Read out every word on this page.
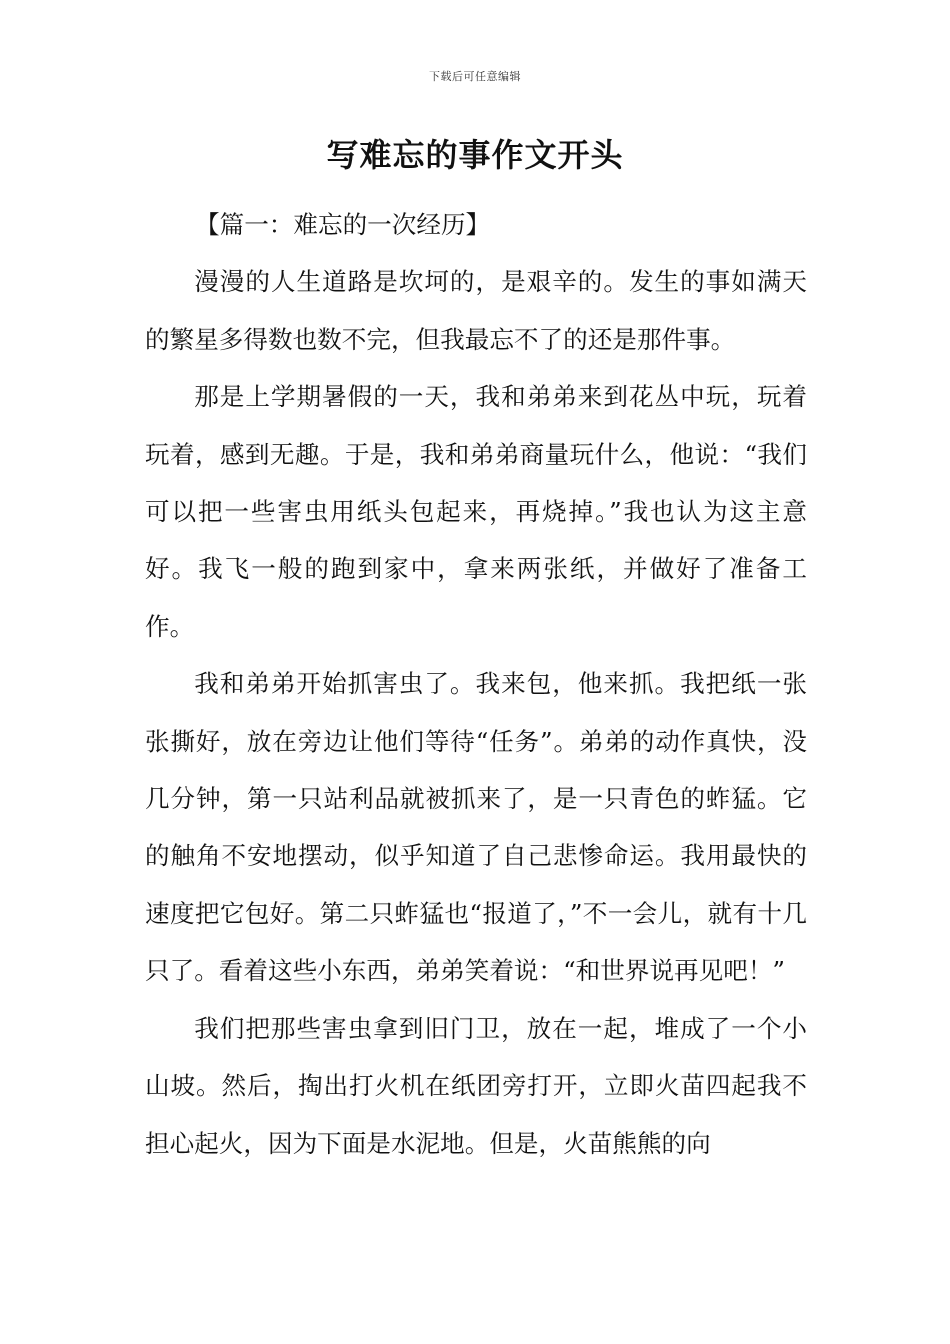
下载后可任意编辑
写难忘的事作文开头
【篇一：难忘的一次经历】

漫漫的人生道路是坎坷的，是艰辛的。发生的事如满天的繁星多得数也数不完，但我最忘不了的还是那件事。

那是上学期暑假的一天，我和弟弟来到花丛中玩，玩着玩着，感到无趣。于是，我和弟弟商量玩什么，他说：“我们可以把一些害虫用纸头包起来，再烧掉。”我也认为这主意好。我飞一般的跑到家中，拿来两张纸，并做好了准备工作。

我和弟弟开始抓害虫了。我来包，他来抓。我把纸一张张撕好，放在旁边让他们等待“任务”。弟弟的动作真快，没几分钟，第一只站利品就被抓来了，是一只青色的蚱猛。它的触角不安地摆动，似乎知道了自己悲惨命运。我用最快的速度把它包好。第二只蚱猛也“报道了，”不一会儿，就有十几只了。看着这些小东西，弟弟笑着说：“和世界说再见吧！”

我们把那些害虫拿到旧门卫，放在一起，堆成了一个小山坡。然后，掏出打火机在纸团旁打开，立即火苗四起我不担心起火，因为下面是水泥地。但是，火苗熊熊的向
